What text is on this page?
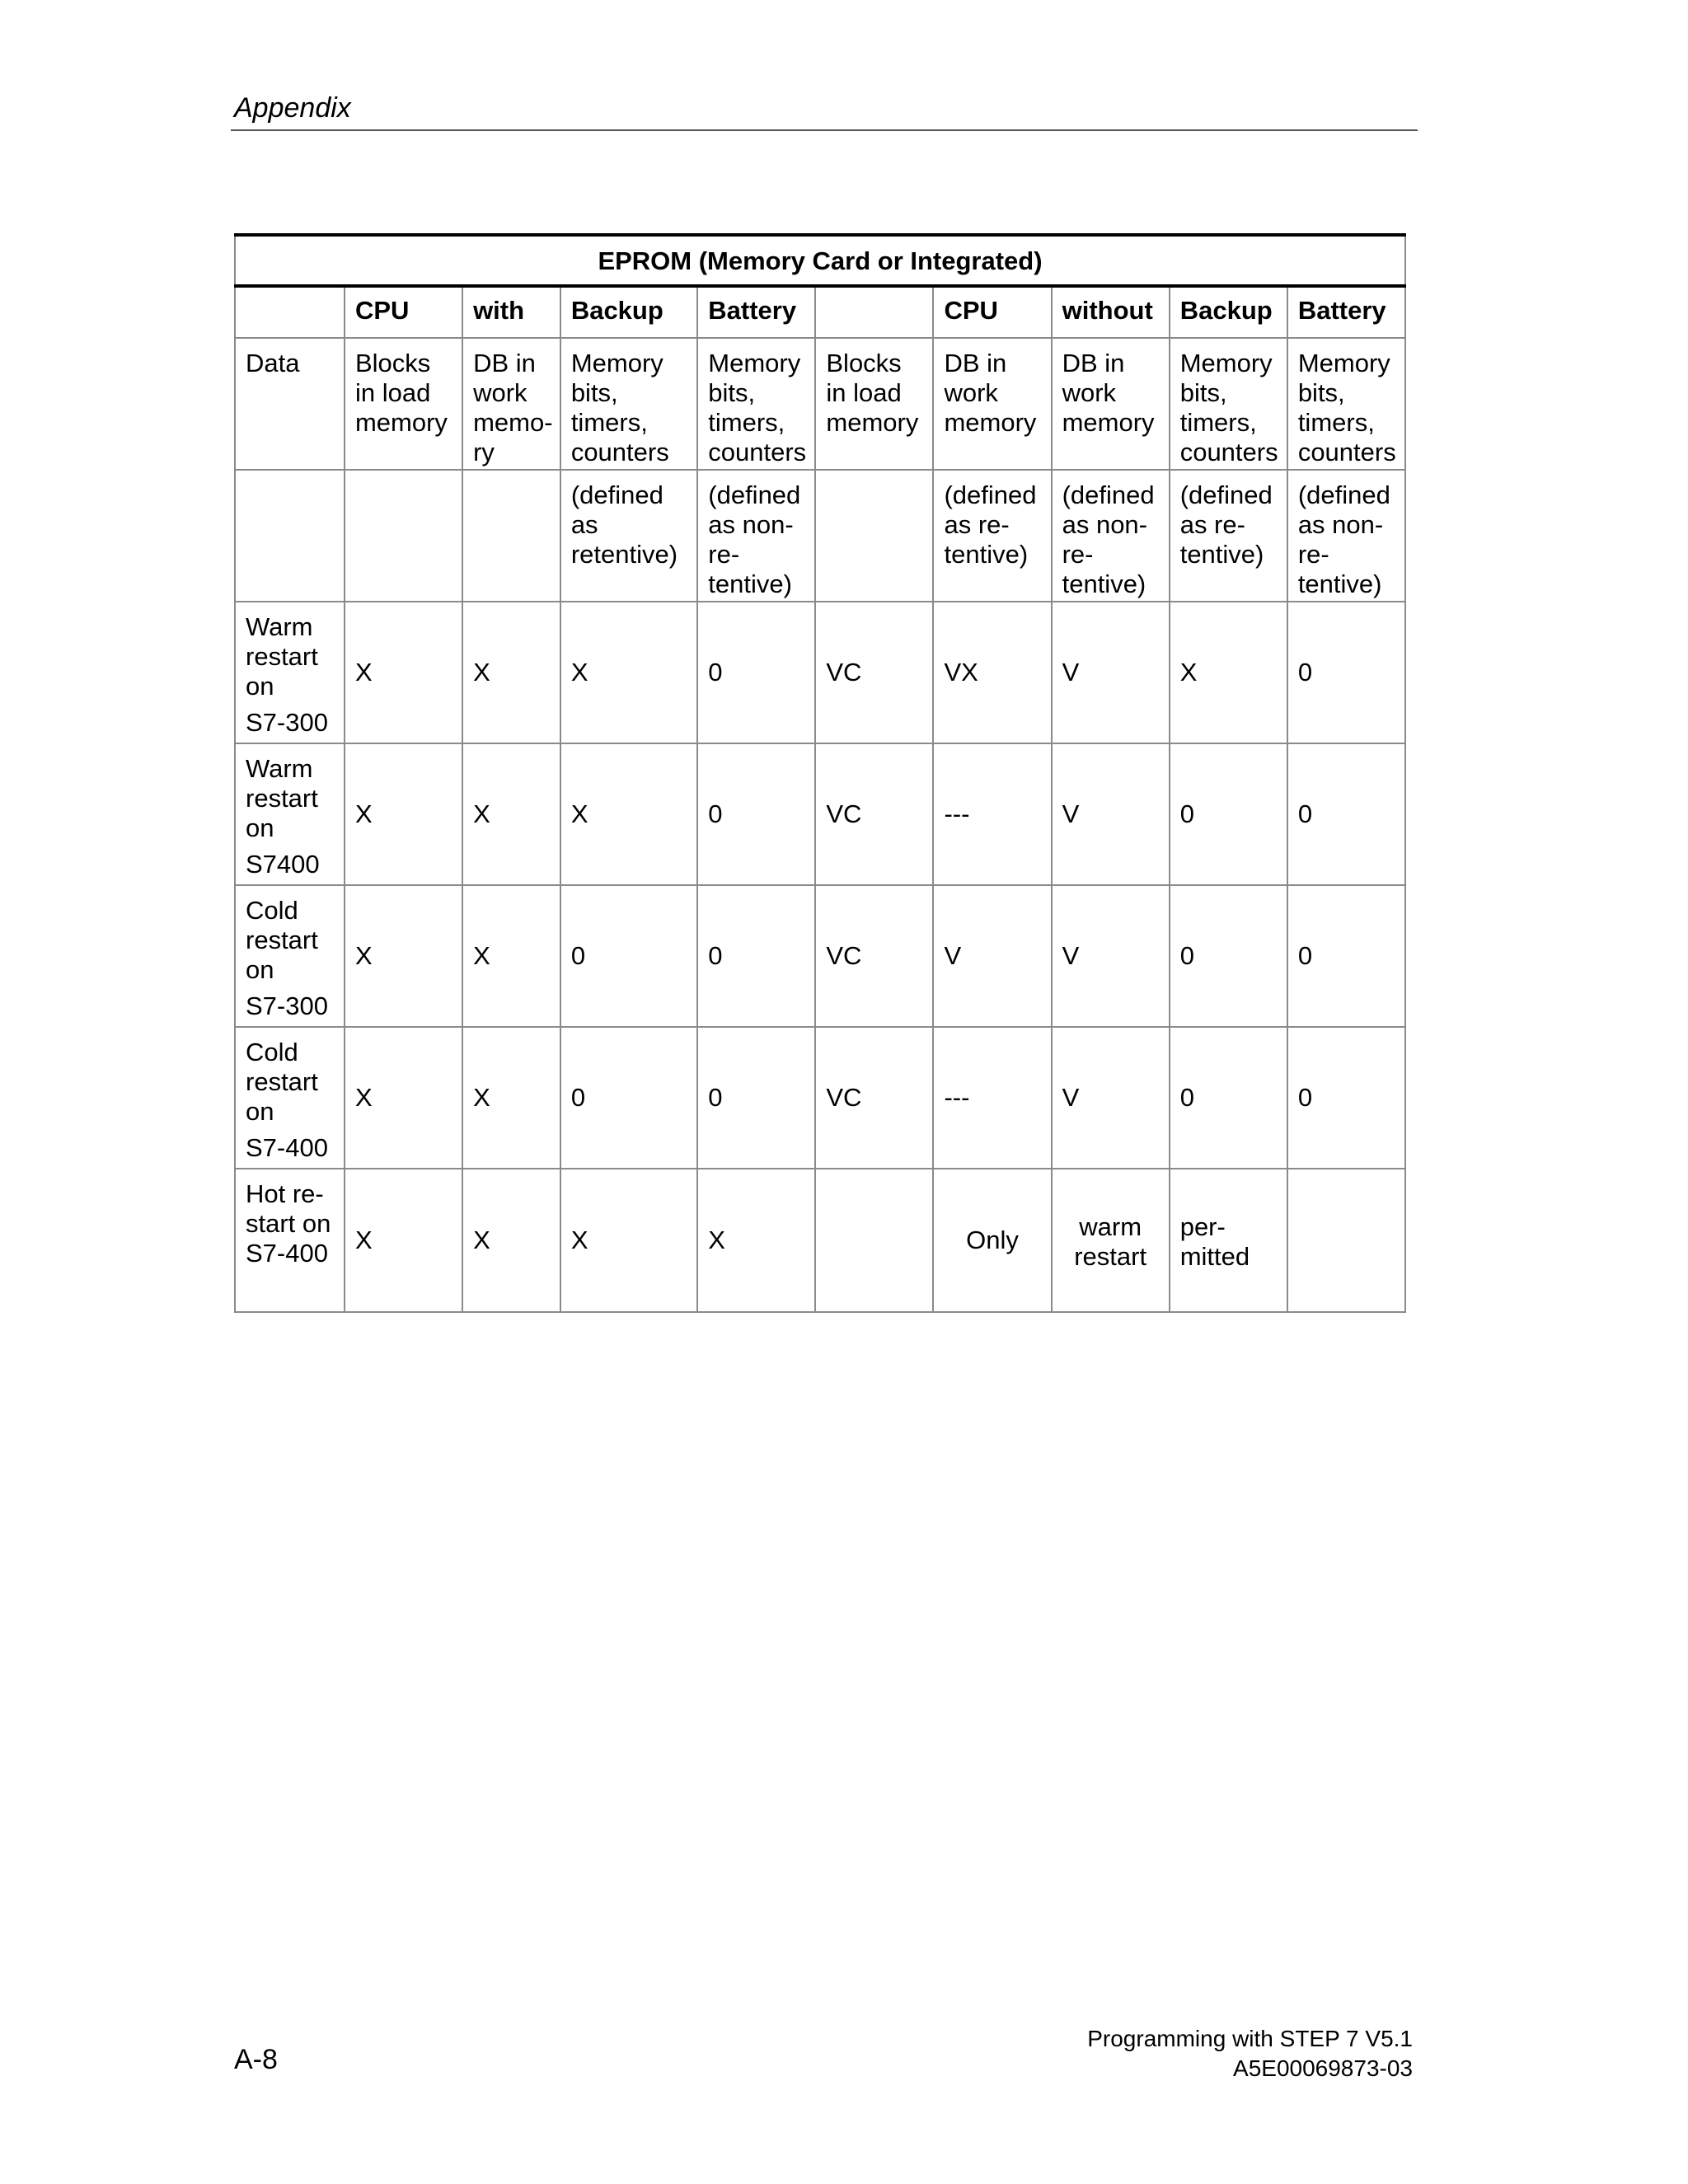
Appendix
EPROM (Memory Card or Integrated)									
	CPU	with	Backup	Battery		CPU	without	Backup	Battery
Data	Blocks in load memory	DB in work memo-ry	Memory bits, timers, counters	Memory bits, timers, counters	Blocks in load memory	DB in work memory	DB in work memory	Memory bits, timers, counters	Memory bits, timers, counters
			(defined as retentive)	(defined as non-re-tentive)		(defined as re-tentive)	(defined as non-re-tentive)	(defined as re-tentive)	(defined as non-re-tentive)

Warm
restart
on
S7-300	X	X	X	0	VC	VX	V	X	0

Warm
restart
on
S7400	X	X	X	0	VC	---	V	0	0

Cold
restart
on
S7-300	X	X	0	0	VC	V	V	0	0

Cold
restart
on
S7-400	X	X	0	0	VC	---	V	0	0

Hot re-
start on
S7-400	X	X	X	X		Only	warm restart	per-mitted	
Programming with STEP 7 V5.1
A-8	A5E00069873-03
